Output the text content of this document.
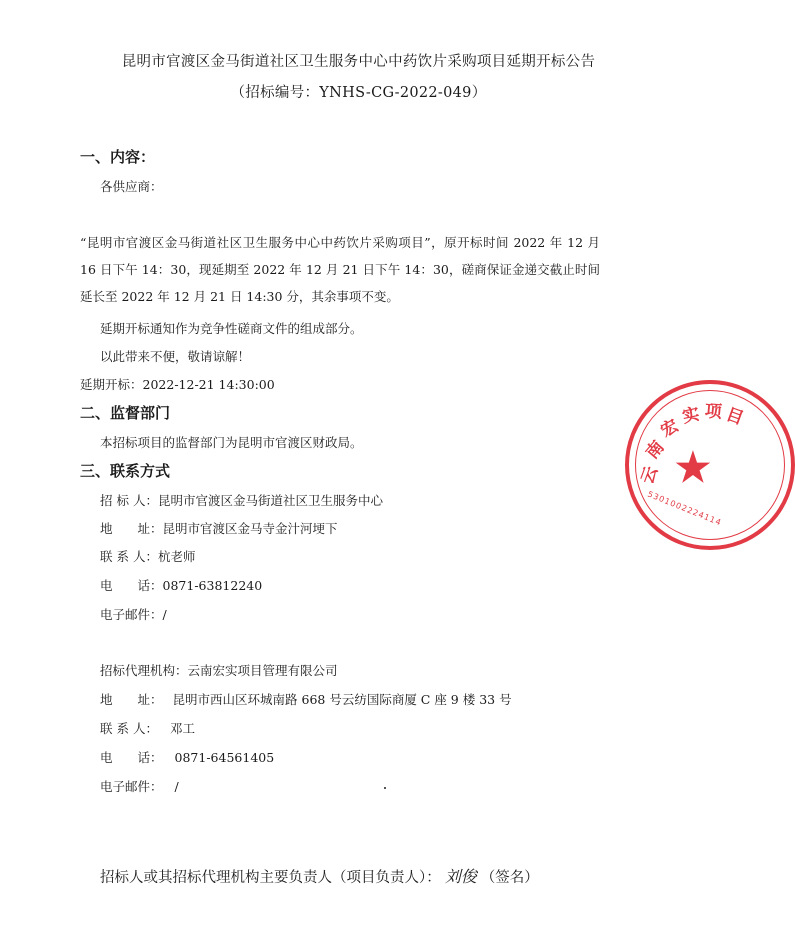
昆明市官渡区金马街道社区卫生服务中心中药饮片采购项目延期开标公告
（招标编号：YNHS-CG-2022-049）
一、内容：
各供应商：
“昆明市官渡区金马街道社区卫生服务中心中药饮片采购项目”，原开标时间 2022 年 12 月 16 日下午 14：30，现延期至 2022 年 12 月 21 日下午 14：30，磋商保证金递交截止时间延长至 2022 年 12 月 21 日 14:30 分，其余事项不变。
延期开标通知作为竞争性磋商文件的组成部分。
以此带来不便，敬请谅解！
延期开标：2022-12-21 14:30:00
二、监督部门
本招标项目的监督部门为昆明市官渡区财政局。
三、联系方式
招 标 人：昆明市官渡区金马街道社区卫生服务中心
地　　址：昆明市官渡区金马寺金汁河埂下
联 系 人：杭老师
电　　话：0871-63812240
电子邮件：/
招标代理机构：云南宏实项目管理有限公司
地　　址： 昆明市西山区环城南路 668 号云纺国际商厦 C 座 9 楼 33 号
联 系 人： 邓工
电　　话： 0871-64561405
电子邮件： /
招标人或其招标代理机构主要负责人（项目负责人）： 刘俊 （签名）
云
南
宏
实 项 目
★
5301002224114
